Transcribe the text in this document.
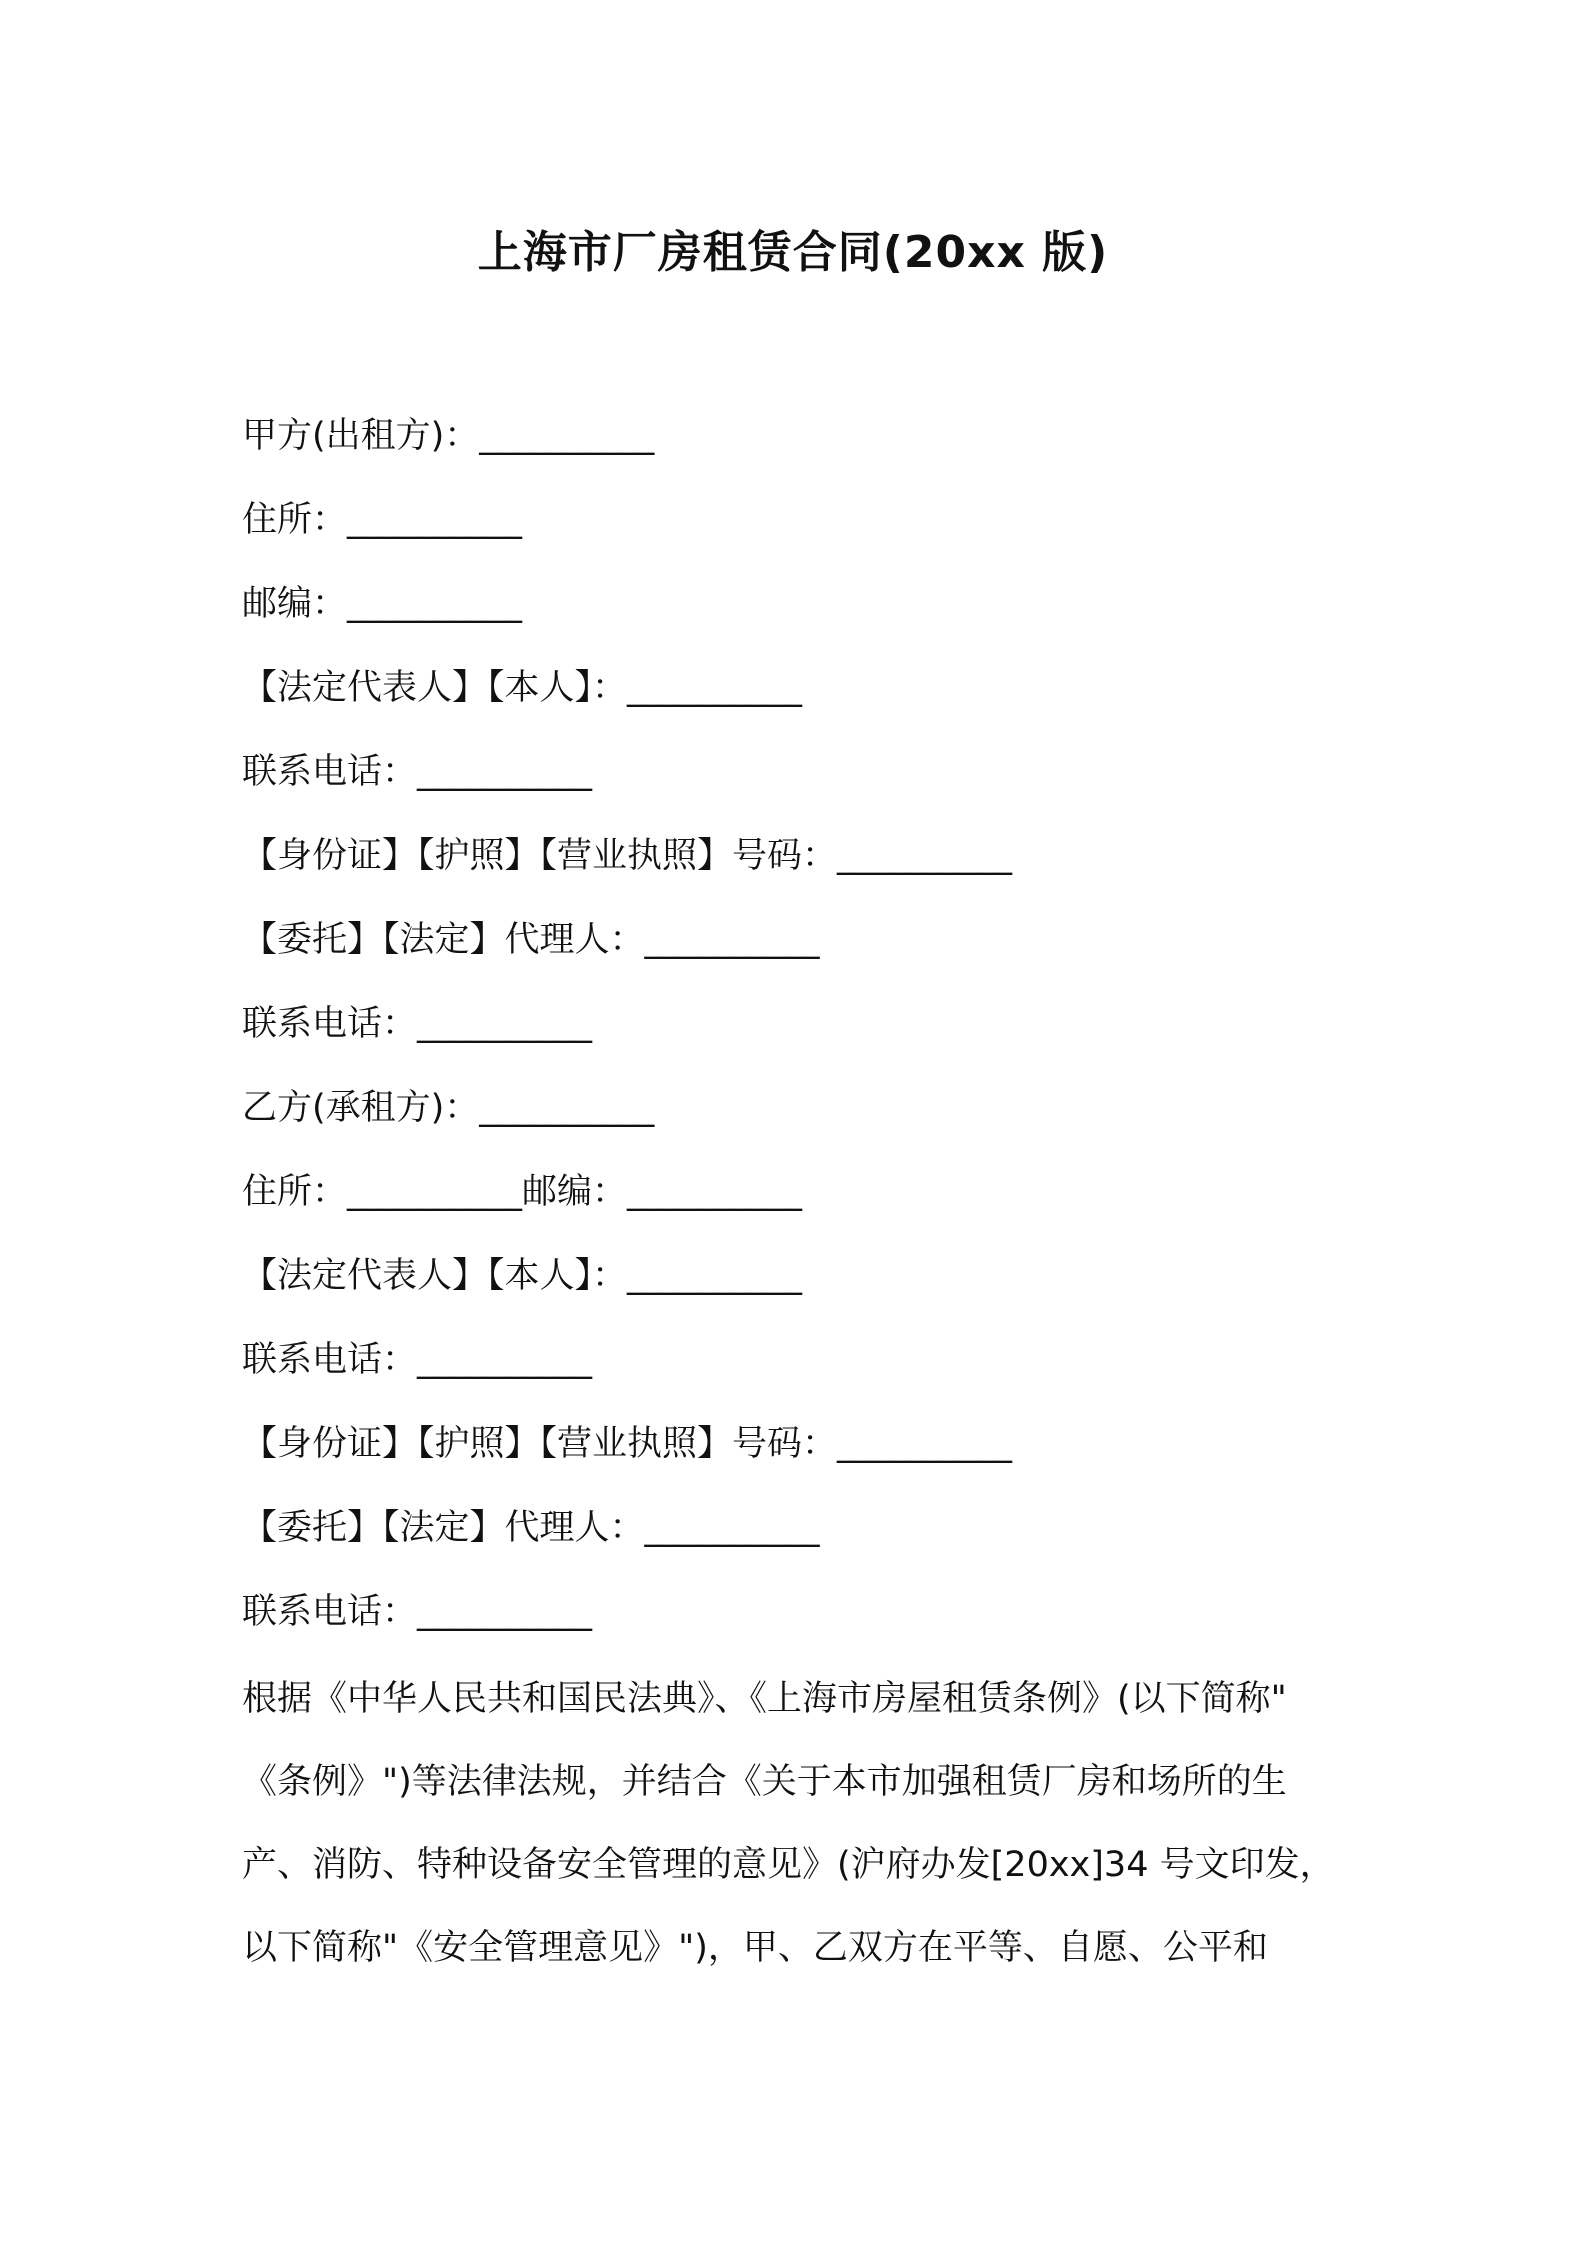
上海市厂房租赁合同(20xx 版)

甲方(出租方)：__________

住所：__________

邮编：__________

【法定代表人】【本人】：__________

联系电话：__________

【身份证】【护照】【营业执照】号码：__________

【委托】【法定】代理人：__________

联系电话：__________

乙方(承租方)：__________

住所：__________邮编：__________

【法定代表人】【本人】：__________

联系电话：__________

【身份证】【护照】【营业执照】号码：__________

【委托】【法定】代理人：__________

联系电话：__________

根据《中华人民共和国民法典》、《上海市房屋租赁条例》(以下简称"
《条例》")等法律法规，并结合《关于本市加强租赁厂房和场所的生
产、消防、特种设备安全管理的意见》(沪府办发[20xx]34 号文印发，
以下简称"《安全管理意见》")，甲、乙双方在平等、自愿、公平和
